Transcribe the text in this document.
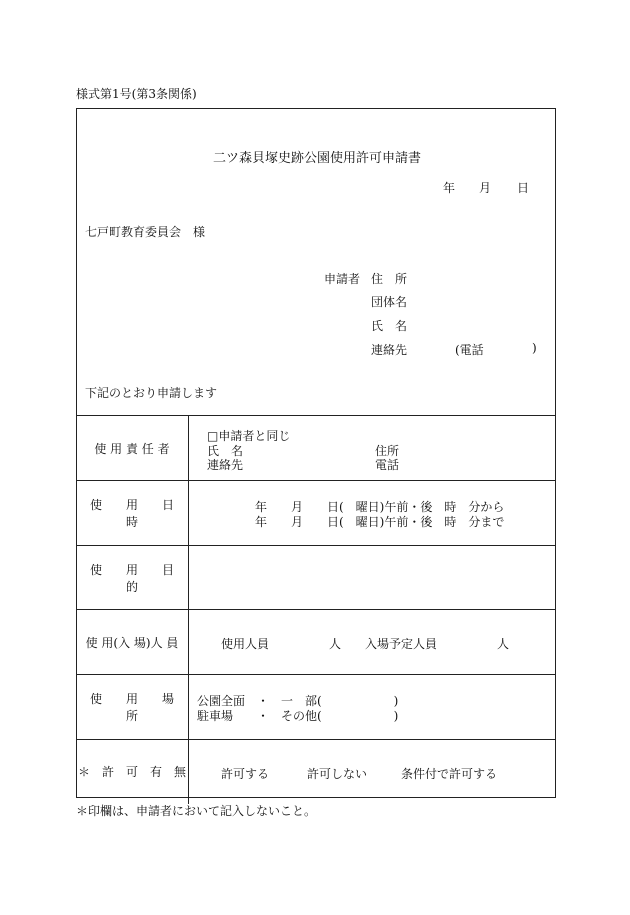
様式第1号(第3条関係)
二ツ森貝塚史跡公園使用許可申請書
年 月 日
七戸町教育委員会　様
申請者 住　所
団体名
氏　名
連絡先	(電話	)
下記のとおり申請します
使 用 責 任 者	□申請者と同じ
氏　名 住所
連絡先 電話

使　　用　　日　　時	年　　月　　日(　曜日)午前・後　時　分から
年　　月　　日(　曜日)午前・後　時　分まで

使　　用　　目　　的	
使 用(入 場)人 員	使用人員 人 入場予定人員 人

使　　用　　場　　所	公園全面　・　一　部(　　　　　　)
駐車場　　・　その他(　　　　　　)

＊　許　可　有　無	許可する 許可しない 条件付で許可する
＊印欄は、申請者において記入しないこと。
